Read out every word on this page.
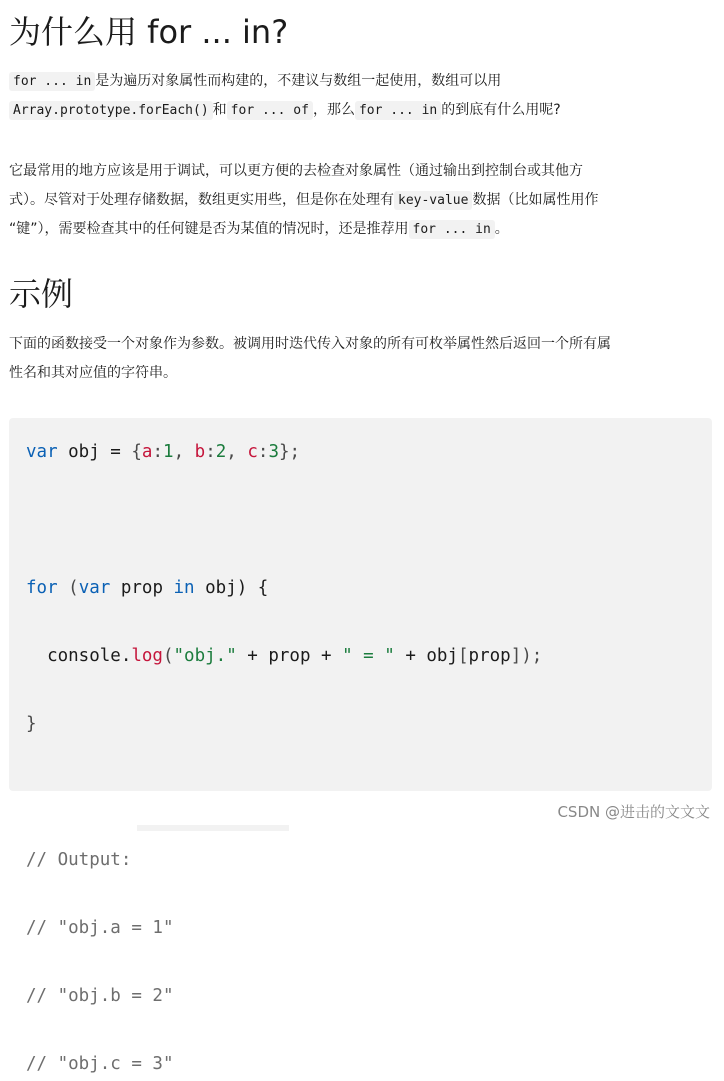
为什么用 for ... in?
for ... in 是为遍历对象属性而构建的，不建议与数组一起使用，数组可以用
Array.prototype.forEach() 和 for ... of ，那么 for ... in 的到底有什么用呢?
它最常用的地方应该是用于调试，可以更方便的去检查对象属性（通过输出到控制台或其他方
式）。尽管对于处理存储数据，数组更实用些，但是你在处理有 key-value 数据（比如属性用作
“键”），需要检查其中的任何键是否为某值的情况时，还是推荐用 for ... in 。
示例
下面的函数接受一个对象作为参数。被调用时迭代传入对象的所有可枚举属性然后返回一个所有属
性名和其对应值的字符串。
var obj = {a:1, b:2, c:3};

for (var prop in obj) {

console.log("obj." + prop + " = " + obj[prop]);

}

// Output:

// "obj.a = 1"

// "obj.b = 2"

// "obj.c = 3"
CSDN @进击的文文文
